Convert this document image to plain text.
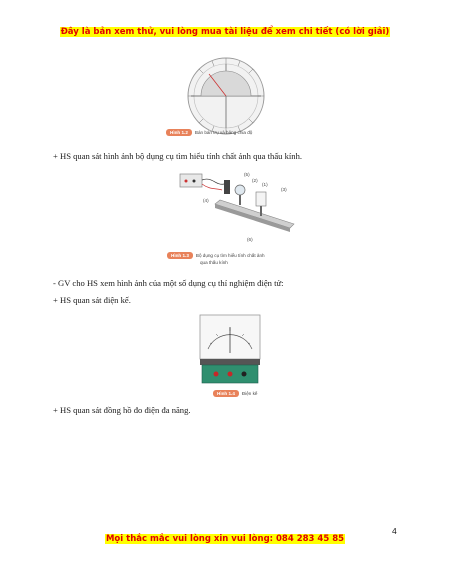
Đây là bản xem thử, vui lòng mua tài liệu để xem chi tiết (có lời giải)
Hình 1.2 Bán bán trụ và bảng chia độ
+ HS quan sát hình ảnh bộ dụng cụ tìm hiểu tính chất ảnh qua thấu kính.
(5)
(2)
(1)
(3)
(4)
(6)
Hình 1.3 Bộ dụng cụ tìm hiểu tính chất ảnh
qua thấu kính
- GV cho HS xem hình ảnh của một số dụng cụ thí nghiệm điện tử:
+ HS quan sát điện kế.
Hình 1.4 Điện kế
+ HS quan sát đồng hồ đo điện đa năng.
4
Mọi thắc mắc vui lòng xin vui lòng: 084 283 45 85
